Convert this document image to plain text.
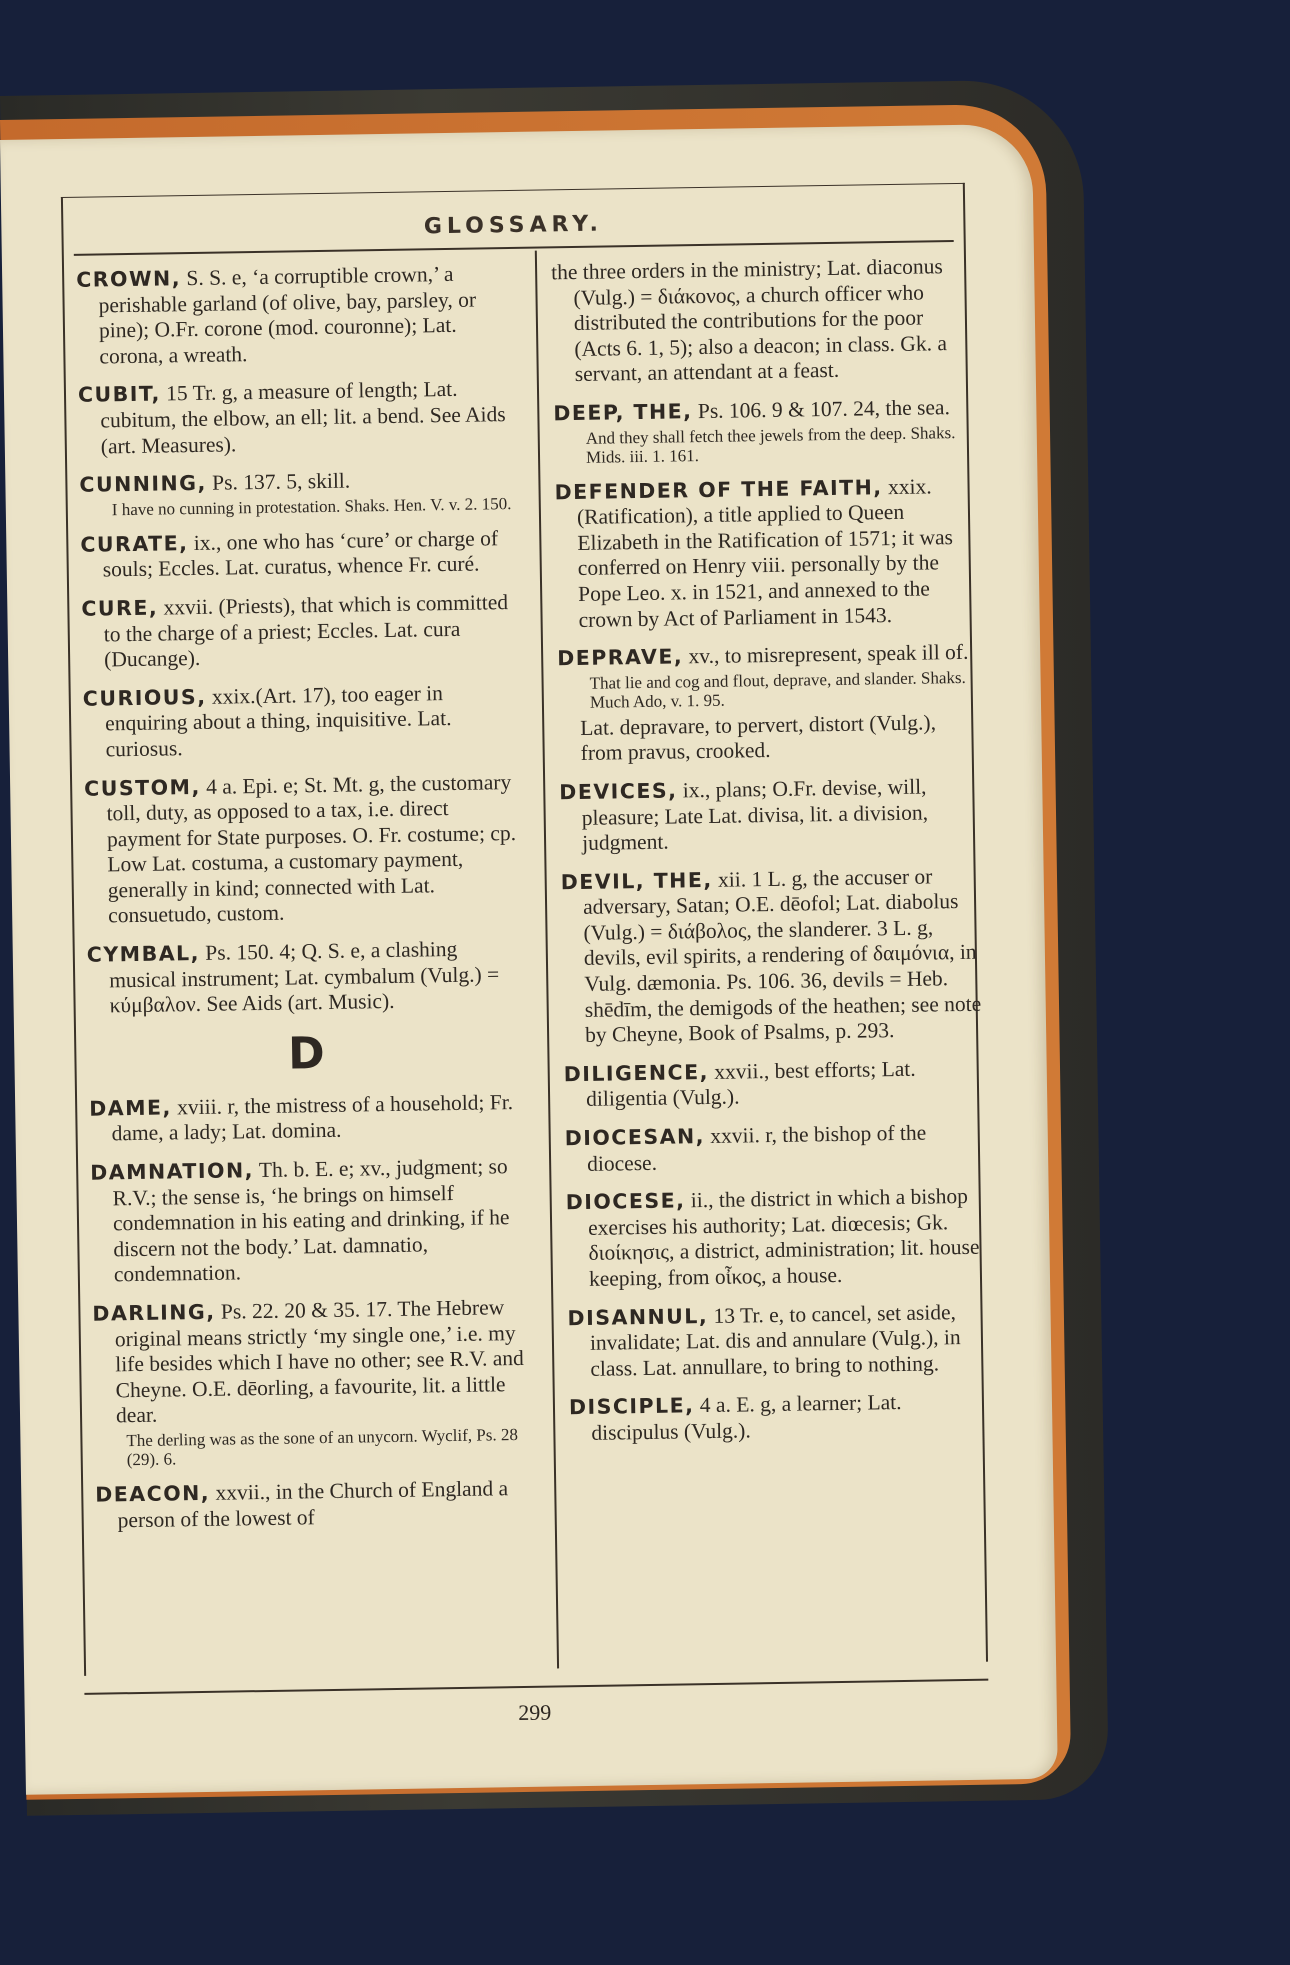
GLOSSARY.
CROWN, S. S. e, ‘a corruptible crown,’ a perishable garland (of olive, bay, parsley, or pine); O.Fr. corone (mod. couronne); Lat. corona, a wreath.
CUBIT, 15 Tr. g, a measure of length; Lat. cubitum, the elbow, an ell; lit. a bend. See Aids (art. Measures).
CUNNING, Ps. 137. 5, skill.
I have no cunning in protestation. Shaks. Hen. V. v. 2. 150.
CURATE, ix., one who has ‘cure’ or charge of souls; Eccles. Lat. curatus, whence Fr. curé.
CURE, xxvii. (Priests), that which is committed to the charge of a priest; Eccles. Lat. cura (Ducange).
CURIOUS, xxix.(Art. 17), too eager in enquiring about a thing, inquisitive. Lat. curiosus.
CUSTOM, 4 a. Epi. e; St. Mt. g, the customary toll, duty, as opposed to a tax, i.e. direct payment for State purposes. O. Fr. costume; cp. Low Lat. costuma, a customary payment, generally in kind; connected with Lat. consuetudo, custom.
CYMBAL, Ps. 150. 4; Q. S. e, a clashing musical instrument; Lat. cymbalum (Vulg.) = κύμβαλον. See Aids (art. Music).
D
DAME, xviii. r, the mistress of a household; Fr. dame, a lady; Lat. domina.
DAMNATION, Th. b. E. e; xv., judgment; so R.V.; the sense is, ‘he brings on himself condemnation in his eating and drinking, if he discern not the body.’ Lat. damnatio, condemnation.
DARLING, Ps. 22. 20 & 35. 17. The Hebrew original means strictly ‘my single one,’ i.e. my life besides which I have no other; see R.V. and Cheyne. O.E. dēorling, a favourite, lit. a little dear.
The derling was as the sone of an unycorn. Wyclif, Ps. 28 (29). 6.
DEACON, xxvii., in the Church of England a person of the lowest of
the three orders in the ministry; Lat. diaconus (Vulg.) = διάκονος, a church officer who distributed the contributions for the poor (Acts 6. 1, 5); also a deacon; in class. Gk. a servant, an attendant at a feast.
DEEP, THE, Ps. 106. 9 & 107. 24, the sea.
And they shall fetch thee jewels from the deep. Shaks. Mids. iii. 1. 161.
DEFENDER OF THE FAITH, xxix.(Ratification), a title applied to Queen Elizabeth in the Ratification of 1571; it was conferred on Henry viii. personally by the Pope Leo. x. in 1521, and annexed to the crown by Act of Parliament in 1543.
DEPRAVE, xv., to misrepresent, speak ill of.
That lie and cog and flout, deprave, and slander. Shaks. Much Ado, v. 1. 95.
Lat. depravare, to pervert, distort (Vulg.), from pravus, crooked.
DEVICES, ix., plans; O.Fr. devise, will, pleasure; Late Lat. divisa, lit. a division, judgment.
DEVIL, THE, xii. 1 L. g, the accuser or adversary, Satan; O.E. dēofol; Lat. diabolus (Vulg.) = διάβολος, the slanderer. 3 L. g, devils, evil spirits, a rendering of δαιμόνια, in Vulg. dæmonia. Ps. 106. 36, devils = Heb. shēdīm, the demigods of the heathen; see note by Cheyne, Book of Psalms, p. 293.
DILIGENCE, xxvii., best efforts; Lat. diligentia (Vulg.).
DIOCESAN, xxvii. r, the bishop of the diocese.
DIOCESE, ii., the district in which a bishop exercises his authority; Lat. diœcesis; Gk. διοίκησις, a district, administration; lit. house keeping, from οἶκος, a house.
DISANNUL, 13 Tr. e, to cancel, set aside, invalidate; Lat. dis and annulare (Vulg.), in class. Lat. annullare, to bring to nothing.
DISCIPLE, 4 a. E. g, a learner; Lat. discipulus (Vulg.).
299
